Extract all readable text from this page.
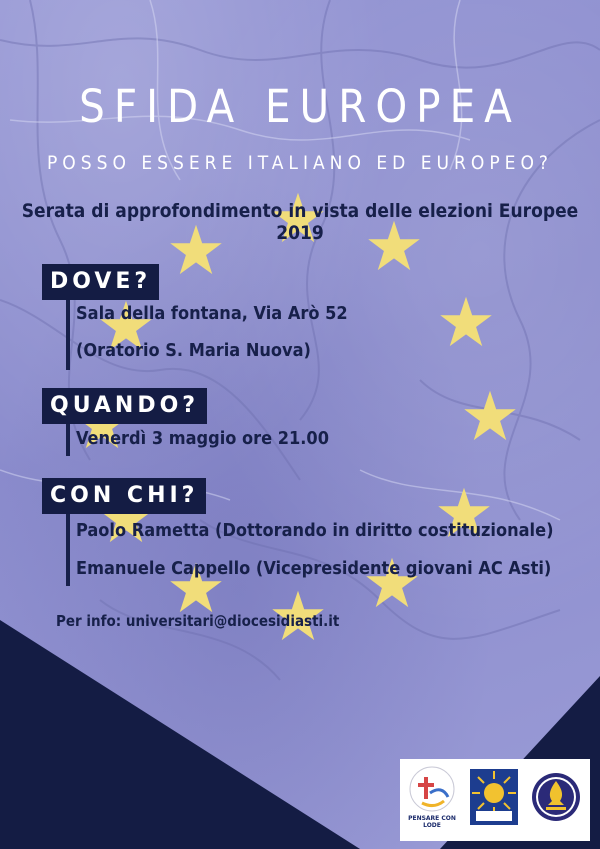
SFIDA EUROPEA
POSSO ESSERE ITALIANO ED EUROPEO?
Serata di approfondimento in vista delle elezioni Europee 2019
DOVE?
Sala della fontana, Via Arò 52
(Oratorio S. Maria Nuova)
QUANDO?
Venerdì 3 maggio ore 21.00
CON CHI?
Paolo Rametta (Dottorando in diritto costituzionale)
Emanuele Cappello (Vicepresidente giovani AC Asti)
Per info: universitari@diocesidiasti.it
PENSARE CON LODE
